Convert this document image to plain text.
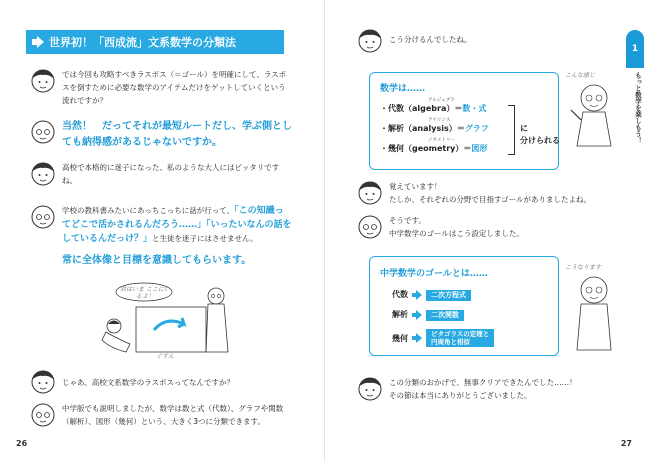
世界初！「西成流」文系数学の分類法
では今回も攻略すべきラスボス（＝ゴール）を明確にして、ラスボスを倒すために必要な数学のアイテムだけをゲットしていくという流れですか？
当然！　だってそれが最短ルートだし、学ぶ側としても納得感があるじゃないですか。
高校で本格的に迷子になった、私のような大人にはピッタリですね。
学校の教科書みたいにあっちこっちに話が行って、「この知識ってどこで活かされるんだろう……」「いったいなんの話をしているんだっけ？」と生徒を迷子にはさせません。
常に全体像と目標を意識してもらいます。
君はいま ここにいるよ！
ぐすん
じゃあ、高校文系数学のラスボスってなんですか？
中学版でも説明しましたが、数学は数と式（代数）、グラフや関数（解析）、図形（幾何）という、大きく3つに分類できます。
26
こう分けるんでしたね。
数学は……
アルジェブラ
・代数（algebra）＝数・式
アナリシス
・解析（analysis）＝グラフ
ジオメトリー
・幾何（geometry）＝図形
に
分けられる
こんな感じ
覚えています！
たしか、それぞれの分野で目指すゴールがありましたよね。
そうです。
中学数学のゴールはこう設定しました。
中学数学のゴールとは……
代数	二次方程式
解析	二次関数
幾何	ピタゴラスの定理と
円周角と相似
こうなります
この分類のおかげで、無事クリアできたんでした……！
その節は本当にありがとうございました。
27
1
もっと数学を楽しもう！
